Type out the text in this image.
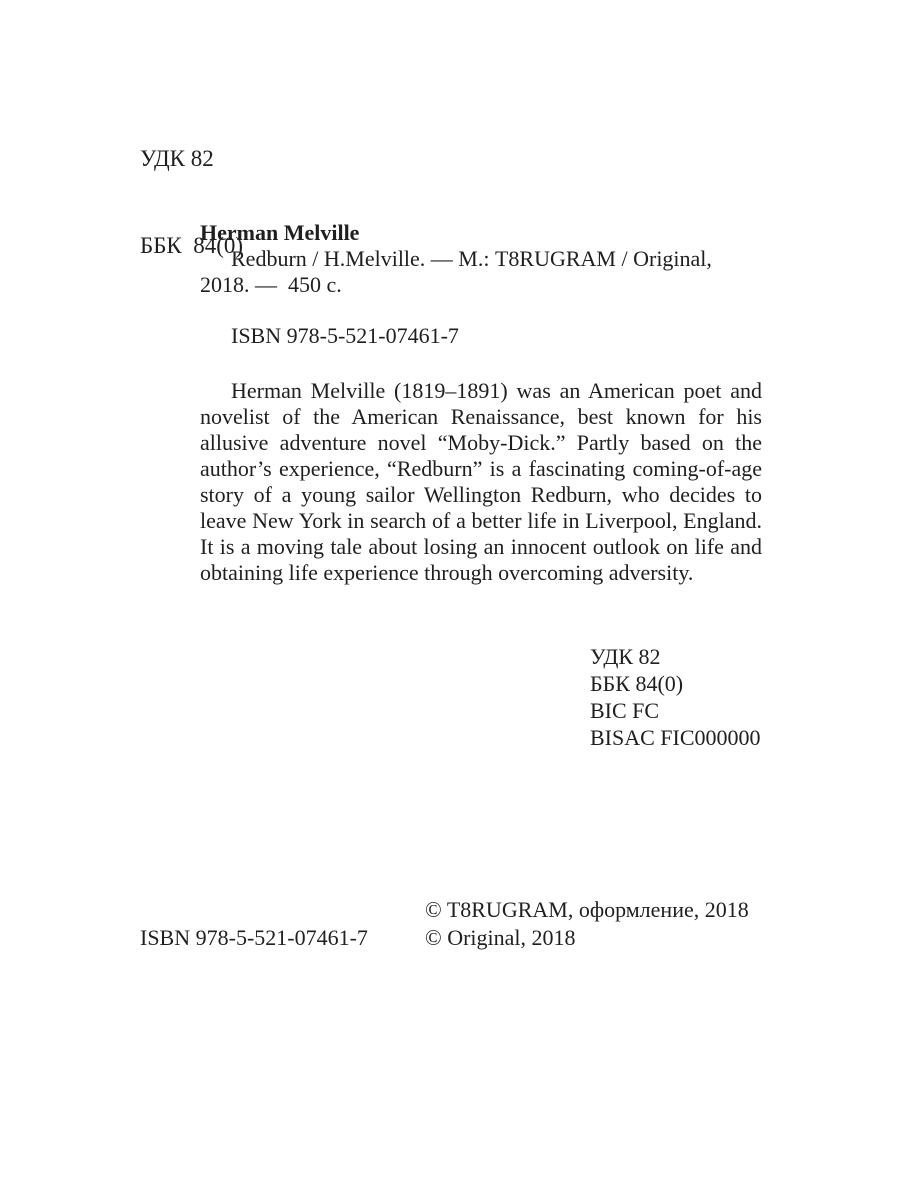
УДК 82

ББК  84(0)

Herman Melville
Redburn / H.Melville. — М.: T8RUGRAM / Original,
2018. —  450 с.
ISBN 978-5-521-07461-7

Herman Melville (1819–1891) was an American poet and novelist of the American Renaissance, best known for his allusive adventure novel “Moby-Dick.” Partly based on the author’s experience, “Redburn” is a fascinating coming-of-age story of a young sailor Wellington Redburn, who decides to leave New York in search of a better life in Liverpool, England. It is a moving tale about losing an innocent outlook on life and obtaining life experience through overcoming adversity.

УДК 82
ББК 84(0)
BIC FC
BISAC FIC000000
© T8RUGRAM, оформление, 2018
© Original, 2018
ISBN 978-5-521-07461-7
